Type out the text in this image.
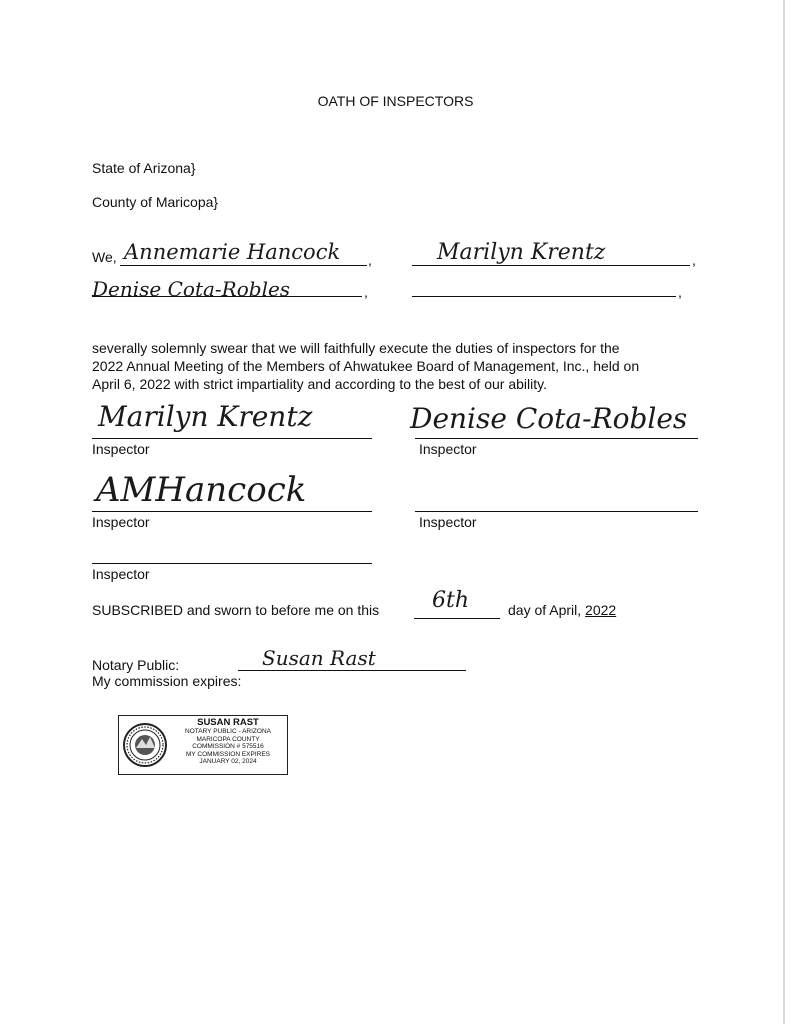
OATH OF INSPECTORS
State of Arizona}
County of Maricopa}
We, Annemarie Hancock ,	Marilyn Krentz	,
Denise Cota-Robles	,	,
severally solemnly swear that we will faithfully execute the duties of inspectors for the
2022 Annual Meeting of the Members of Ahwatukee Board of Management, Inc., held on
April 6, 2022 with strict impartiality and according to the best of our ability.
Marilyn Krentz
Inspector
Denise Cota-Robles
Inspector
AMHancock
Inspector	Inspector
Inspector
SUBSCRIBED and sworn to before me on this 6th	day of April, 2022
Notary Public:	Susan Rast
My commission expires:
SUSAN RAST
NOTARY PUBLIC - ARIZONA
MARICOPA COUNTY
COMMISSION # 575516
MY COMMISSION EXPIRES
JANUARY 02, 2024
